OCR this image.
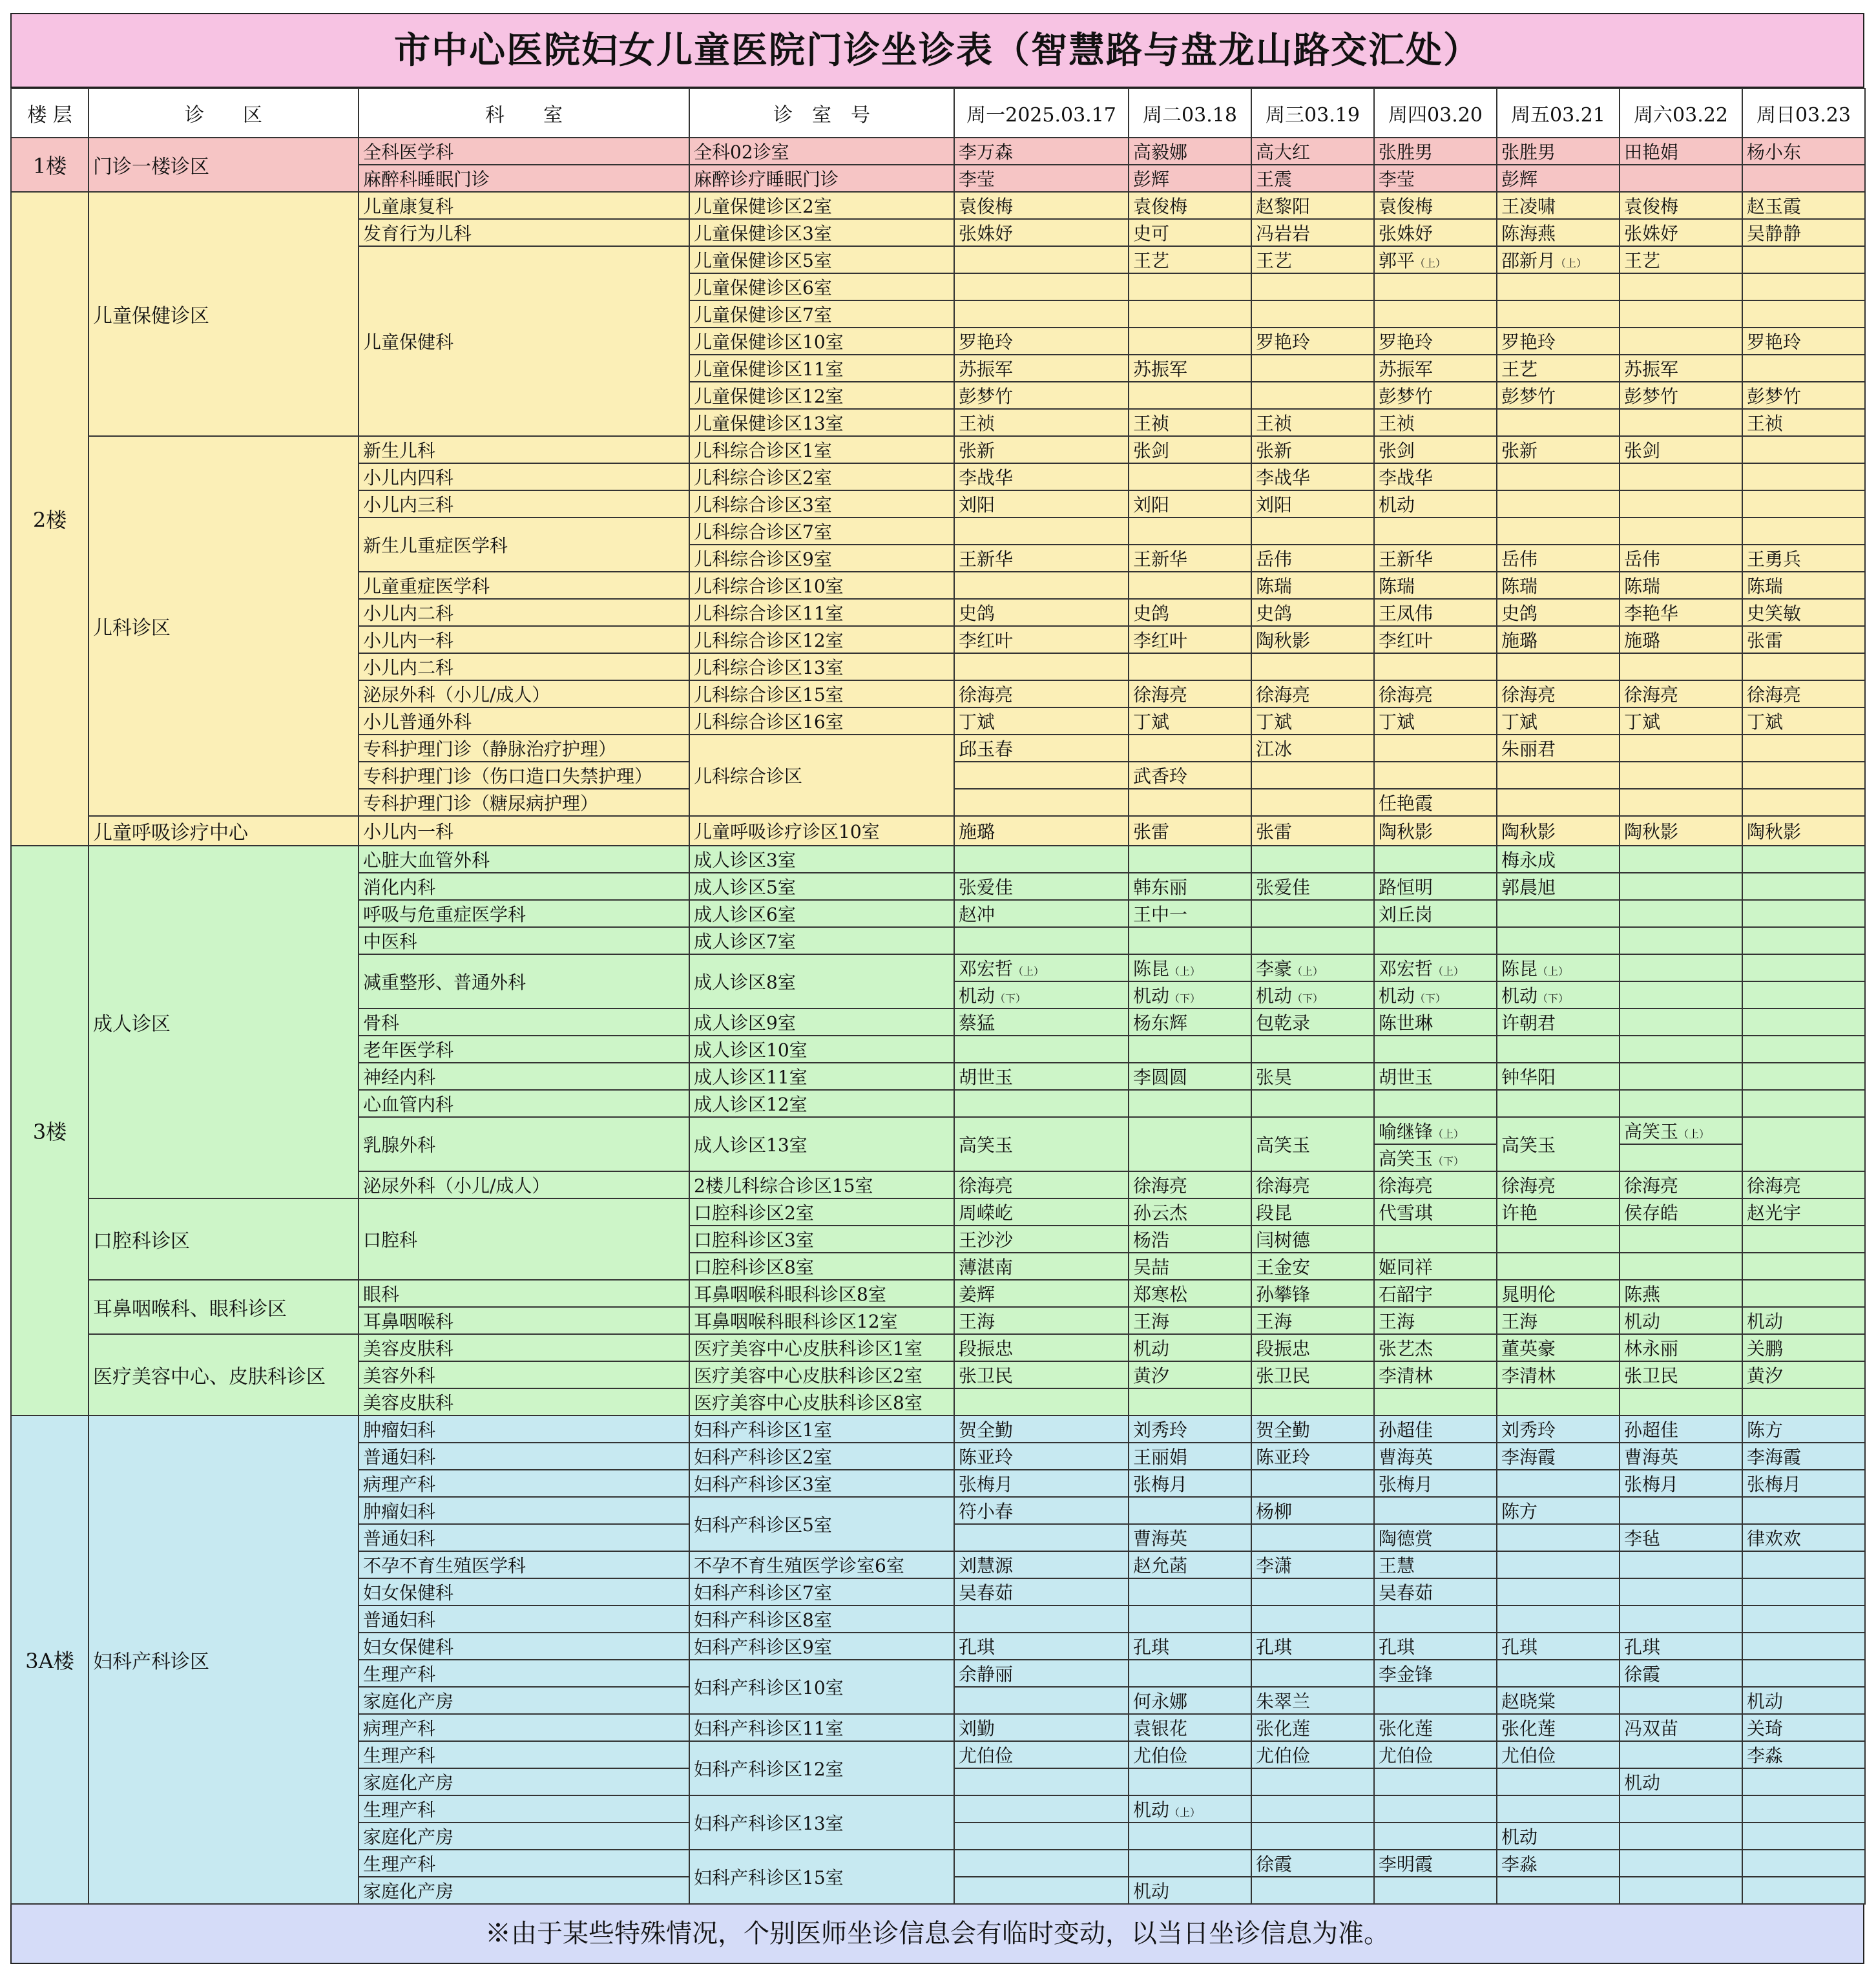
市中心医院妇女儿童医院门诊坐诊表（智慧路与盘龙山路交汇处）
楼 层	诊　　区	科　　室	诊　室　号	周一2025.03.17	周二03.18	周三03.19	周四03.20	周五03.21	周六03.22	周日03.23
1楼	门诊一楼诊区	全科医学科	全科02诊室	李万森	高毅娜	高大红	张胜男	张胜男	田艳娟	杨小东
		麻醉科睡眠门诊	麻醉诊疗睡眠门诊	李莹	彭辉	王震	李莹	彭辉		
2楼	儿童保健诊区	儿童康复科	儿童保健诊区2室	袁俊梅	袁俊梅	赵黎阳	袁俊梅	王凌啸	袁俊梅	赵玉霞
		发育行为儿科	儿童保健诊区3室	张姝妤	史可	冯岩岩	张姝妤	陈海燕	张姝妤	吴静静
		儿童保健科	儿童保健诊区5室		王艺	王艺	郭平（上）	邵新月（上）	王艺	
			儿童保健诊区6室							
			儿童保健诊区7室							
			儿童保健诊区10室	罗艳玲		罗艳玲	罗艳玲	罗艳玲		罗艳玲
			儿童保健诊区11室	苏振军	苏振军		苏振军	王艺	苏振军	
			儿童保健诊区12室	彭梦竹			彭梦竹	彭梦竹	彭梦竹	彭梦竹
			儿童保健诊区13室	王祯	王祯	王祯	王祯			王祯
	儿科诊区	新生儿科	儿科综合诊区1室	张新	张剑	张新	张剑	张新	张剑	
		小儿内四科	儿科综合诊区2室	李战华		李战华	李战华			
		小儿内三科	儿科综合诊区3室	刘阳	刘阳	刘阳	机动			
		新生儿重症医学科	儿科综合诊区7室							
			儿科综合诊区9室	王新华	王新华	岳伟	王新华	岳伟	岳伟	王勇兵
		儿童重症医学科	儿科综合诊区10室			陈瑞	陈瑞	陈瑞	陈瑞	陈瑞
		小儿内二科	儿科综合诊区11室	史鸽	史鸽	史鸽	王凤伟	史鸽	李艳华	史笑敏
		小儿内一科	儿科综合诊区12室	李红叶	李红叶	陶秋影	李红叶	施璐	施璐	张雷
		小儿内二科	儿科综合诊区13室							
		泌尿外科（小儿/成人）	儿科综合诊区15室	徐海亮	徐海亮	徐海亮	徐海亮	徐海亮	徐海亮	徐海亮
		小儿普通外科	儿科综合诊区16室	丁斌	丁斌	丁斌	丁斌	丁斌	丁斌	丁斌
		专科护理门诊（静脉治疗护理）	儿科综合诊区	邱玉春		江冰		朱丽君		
		专科护理门诊（伤口造口失禁护理）			武香玲					
		专科护理门诊（糖尿病护理）					任艳霞			
	儿童呼吸诊疗中心	小儿内一科	儿童呼吸诊疗诊区10室	施璐	张雷	张雷	陶秋影	陶秋影	陶秋影	陶秋影
3楼	成人诊区	心脏大血管外科	成人诊区3室					梅永成		
		消化内科	成人诊区5室	张爱佳	韩东丽	张爱佳	路恒明	郭晨旭		
		呼吸与危重症医学科	成人诊区6室	赵冲	王中一		刘丘岗			
		中医科	成人诊区7室							
		减重整形、普通外科	成人诊区8室	邓宏哲（上）	陈昆（上）	李豪（上）	邓宏哲（上）	陈昆（上）		
				机动（下）	机动（下）	机动（下）	机动（下）	机动（下）		
		骨科	成人诊区9室	蔡猛	杨东辉	包乾录	陈世琳	许朝君		
		老年医学科	成人诊区10室							
		神经内科	成人诊区11室	胡世玉	李圆圆	张昊	胡世玉	钟华阳		
		心血管内科	成人诊区12室							
		乳腺外科	成人诊区13室	高笑玉		高笑玉	喻继锋（上）	高笑玉	高笑玉（上）	
							高笑玉（下）			
		泌尿外科（小儿/成人）	2楼儿科综合诊区15室	徐海亮	徐海亮	徐海亮	徐海亮	徐海亮	徐海亮	徐海亮
	口腔科诊区	口腔科	口腔科诊区2室	周嵘屹	孙云杰	段昆	代雪琪	许艳	侯存皓	赵光宇
			口腔科诊区3室	王沙沙	杨浩	闫树德				
			口腔科诊区8室	薄湛南	吴喆	王金安	姬同祥			
	耳鼻咽喉科、眼科诊区	眼科	耳鼻咽喉科眼科诊区8室	姜辉	郑寒松	孙攀锋	石韶宇	晁明伦	陈燕	
		耳鼻咽喉科	耳鼻咽喉科眼科诊区12室	王海	王海	王海	王海	王海	机动	机动
	医疗美容中心、皮肤科诊区	美容皮肤科	医疗美容中心皮肤科诊区1室	段振忠	机动	段振忠	张艺杰	董英豪	林永丽	关鹏
		美容外科	医疗美容中心皮肤科诊区2室	张卫民	黄汐	张卫民	李清林	李清林	张卫民	黄汐
		美容皮肤科	医疗美容中心皮肤科诊区8室							
3A楼	妇科产科诊区	肿瘤妇科	妇科产科诊区1室	贺全勤	刘秀玲	贺全勤	孙超佳	刘秀玲	孙超佳	陈方
		普通妇科	妇科产科诊区2室	陈亚玲	王丽娟	陈亚玲	曹海英	李海霞	曹海英	李海霞
		病理产科	妇科产科诊区3室	张梅月	张梅月		张梅月		张梅月	张梅月
		肿瘤妇科	妇科产科诊区5室	符小春		杨柳		陈方		
		普通妇科			曹海英		陶德赏		李毡	律欢欢
		不孕不育生殖医学科	不孕不育生殖医学诊室6室	刘慧源	赵允菡	李潇	王慧			
		妇女保健科	妇科产科诊区7室	吴春茹			吴春茹			
		普通妇科	妇科产科诊区8室							
		妇女保健科	妇科产科诊区9室	孔琪	孔琪	孔琪	孔琪	孔琪	孔琪	
		生理产科	妇科产科诊区10室	余静丽			李金锋		徐霞	
		家庭化产房			何永娜	朱翠兰		赵晓棠		机动
		病理产科	妇科产科诊区11室	刘勤	袁银花	张化莲	张化莲	张化莲	冯双苗	关琦
		生理产科	妇科产科诊区12室	尤伯俭	尤伯俭	尤伯俭	尤伯俭	尤伯俭		李淼
		家庭化产房							机动	
		生理产科	妇科产科诊区13室		机动（上）					
		家庭化产房						机动		
		生理产科	妇科产科诊区15室			徐霞	李明霞	李淼		
		家庭化产房			机动					
※由于某些特殊情况，个别医师坐诊信息会有临时变动，以当日坐诊信息为准。
